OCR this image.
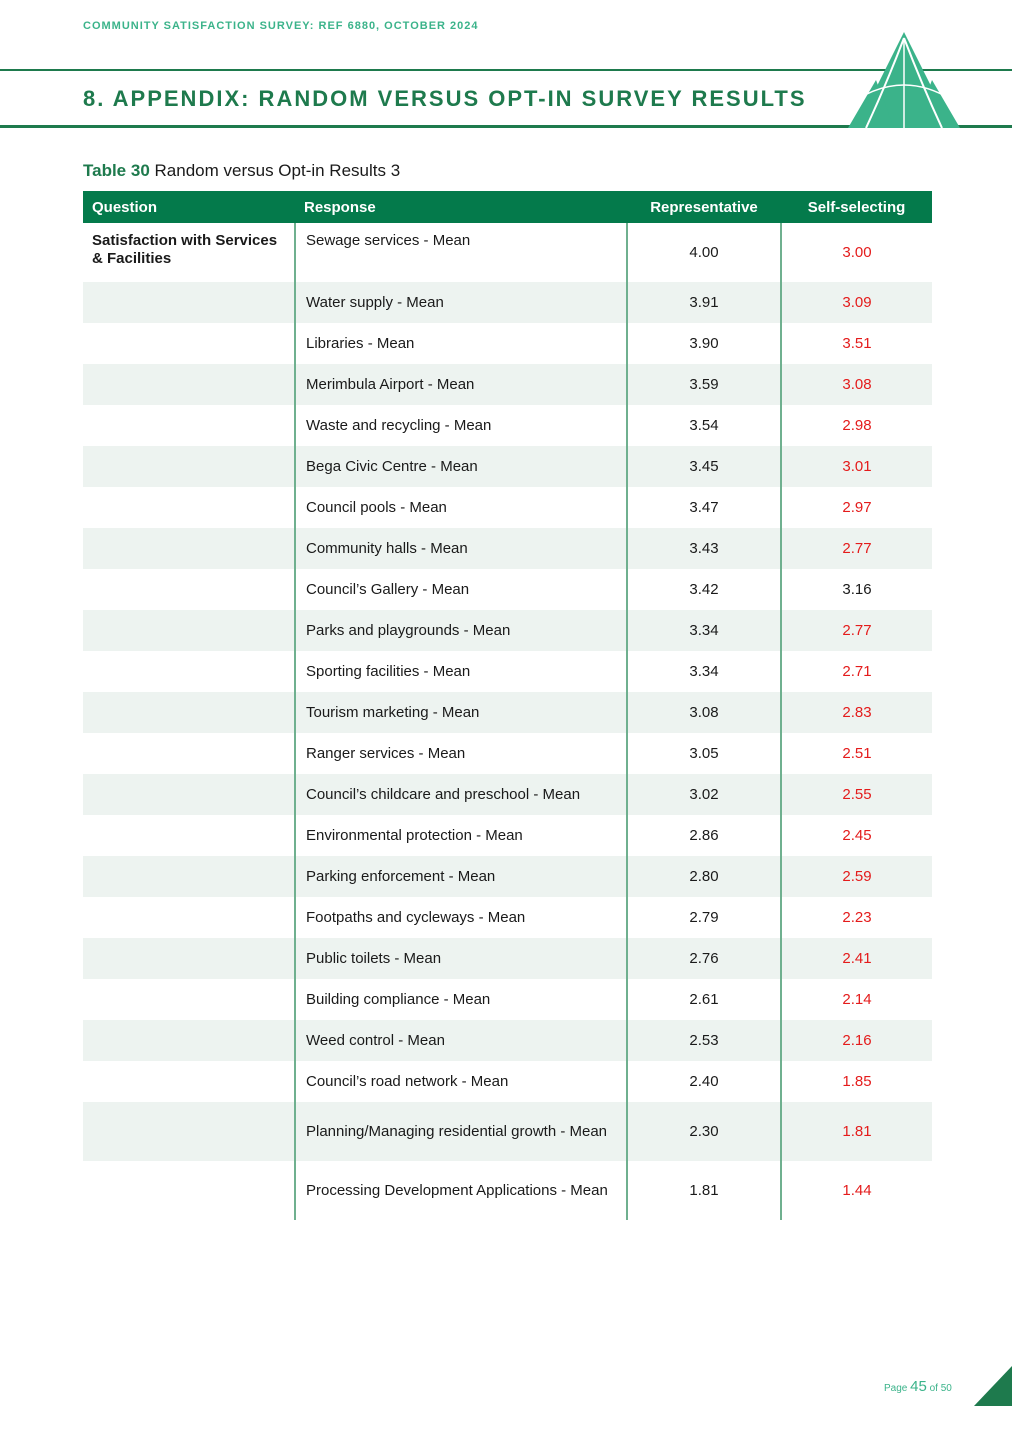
COMMUNITY SATISFACTION SURVEY: REF 6880, OCTOBER 2024
8. APPENDIX: RANDOM VERSUS OPT-IN SURVEY RESULTS
Table 30 Random versus Opt-in Results 3
Question	Response	Representative	Self-selecting
Satisfaction with Services & Facilities	Sewage services - Mean	4.00	3.00
	Water supply - Mean	3.91	3.09
	Libraries - Mean	3.90	3.51
	Merimbula Airport - Mean	3.59	3.08
	Waste and recycling - Mean	3.54	2.98
	Bega Civic Centre - Mean	3.45	3.01
	Council pools - Mean	3.47	2.97
	Community halls - Mean	3.43	2.77
	Council’s Gallery - Mean	3.42	3.16
	Parks and playgrounds - Mean	3.34	2.77
	Sporting facilities - Mean	3.34	2.71
	Tourism marketing - Mean	3.08	2.83
	Ranger services - Mean	3.05	2.51
	Council’s childcare and preschool - Mean	3.02	2.55
	Environmental protection - Mean	2.86	2.45
	Parking enforcement - Mean	2.80	2.59
	Footpaths and cycleways - Mean	2.79	2.23
	Public toilets - Mean	2.76	2.41
	Building compliance - Mean	2.61	2.14
	Weed control - Mean	2.53	2.16
	Council’s road network - Mean	2.40	1.85
	Planning/Managing residential growth - Mean	2.30	1.81
	Processing Development Applications - Mean	1.81	1.44
Page 45 of 50
